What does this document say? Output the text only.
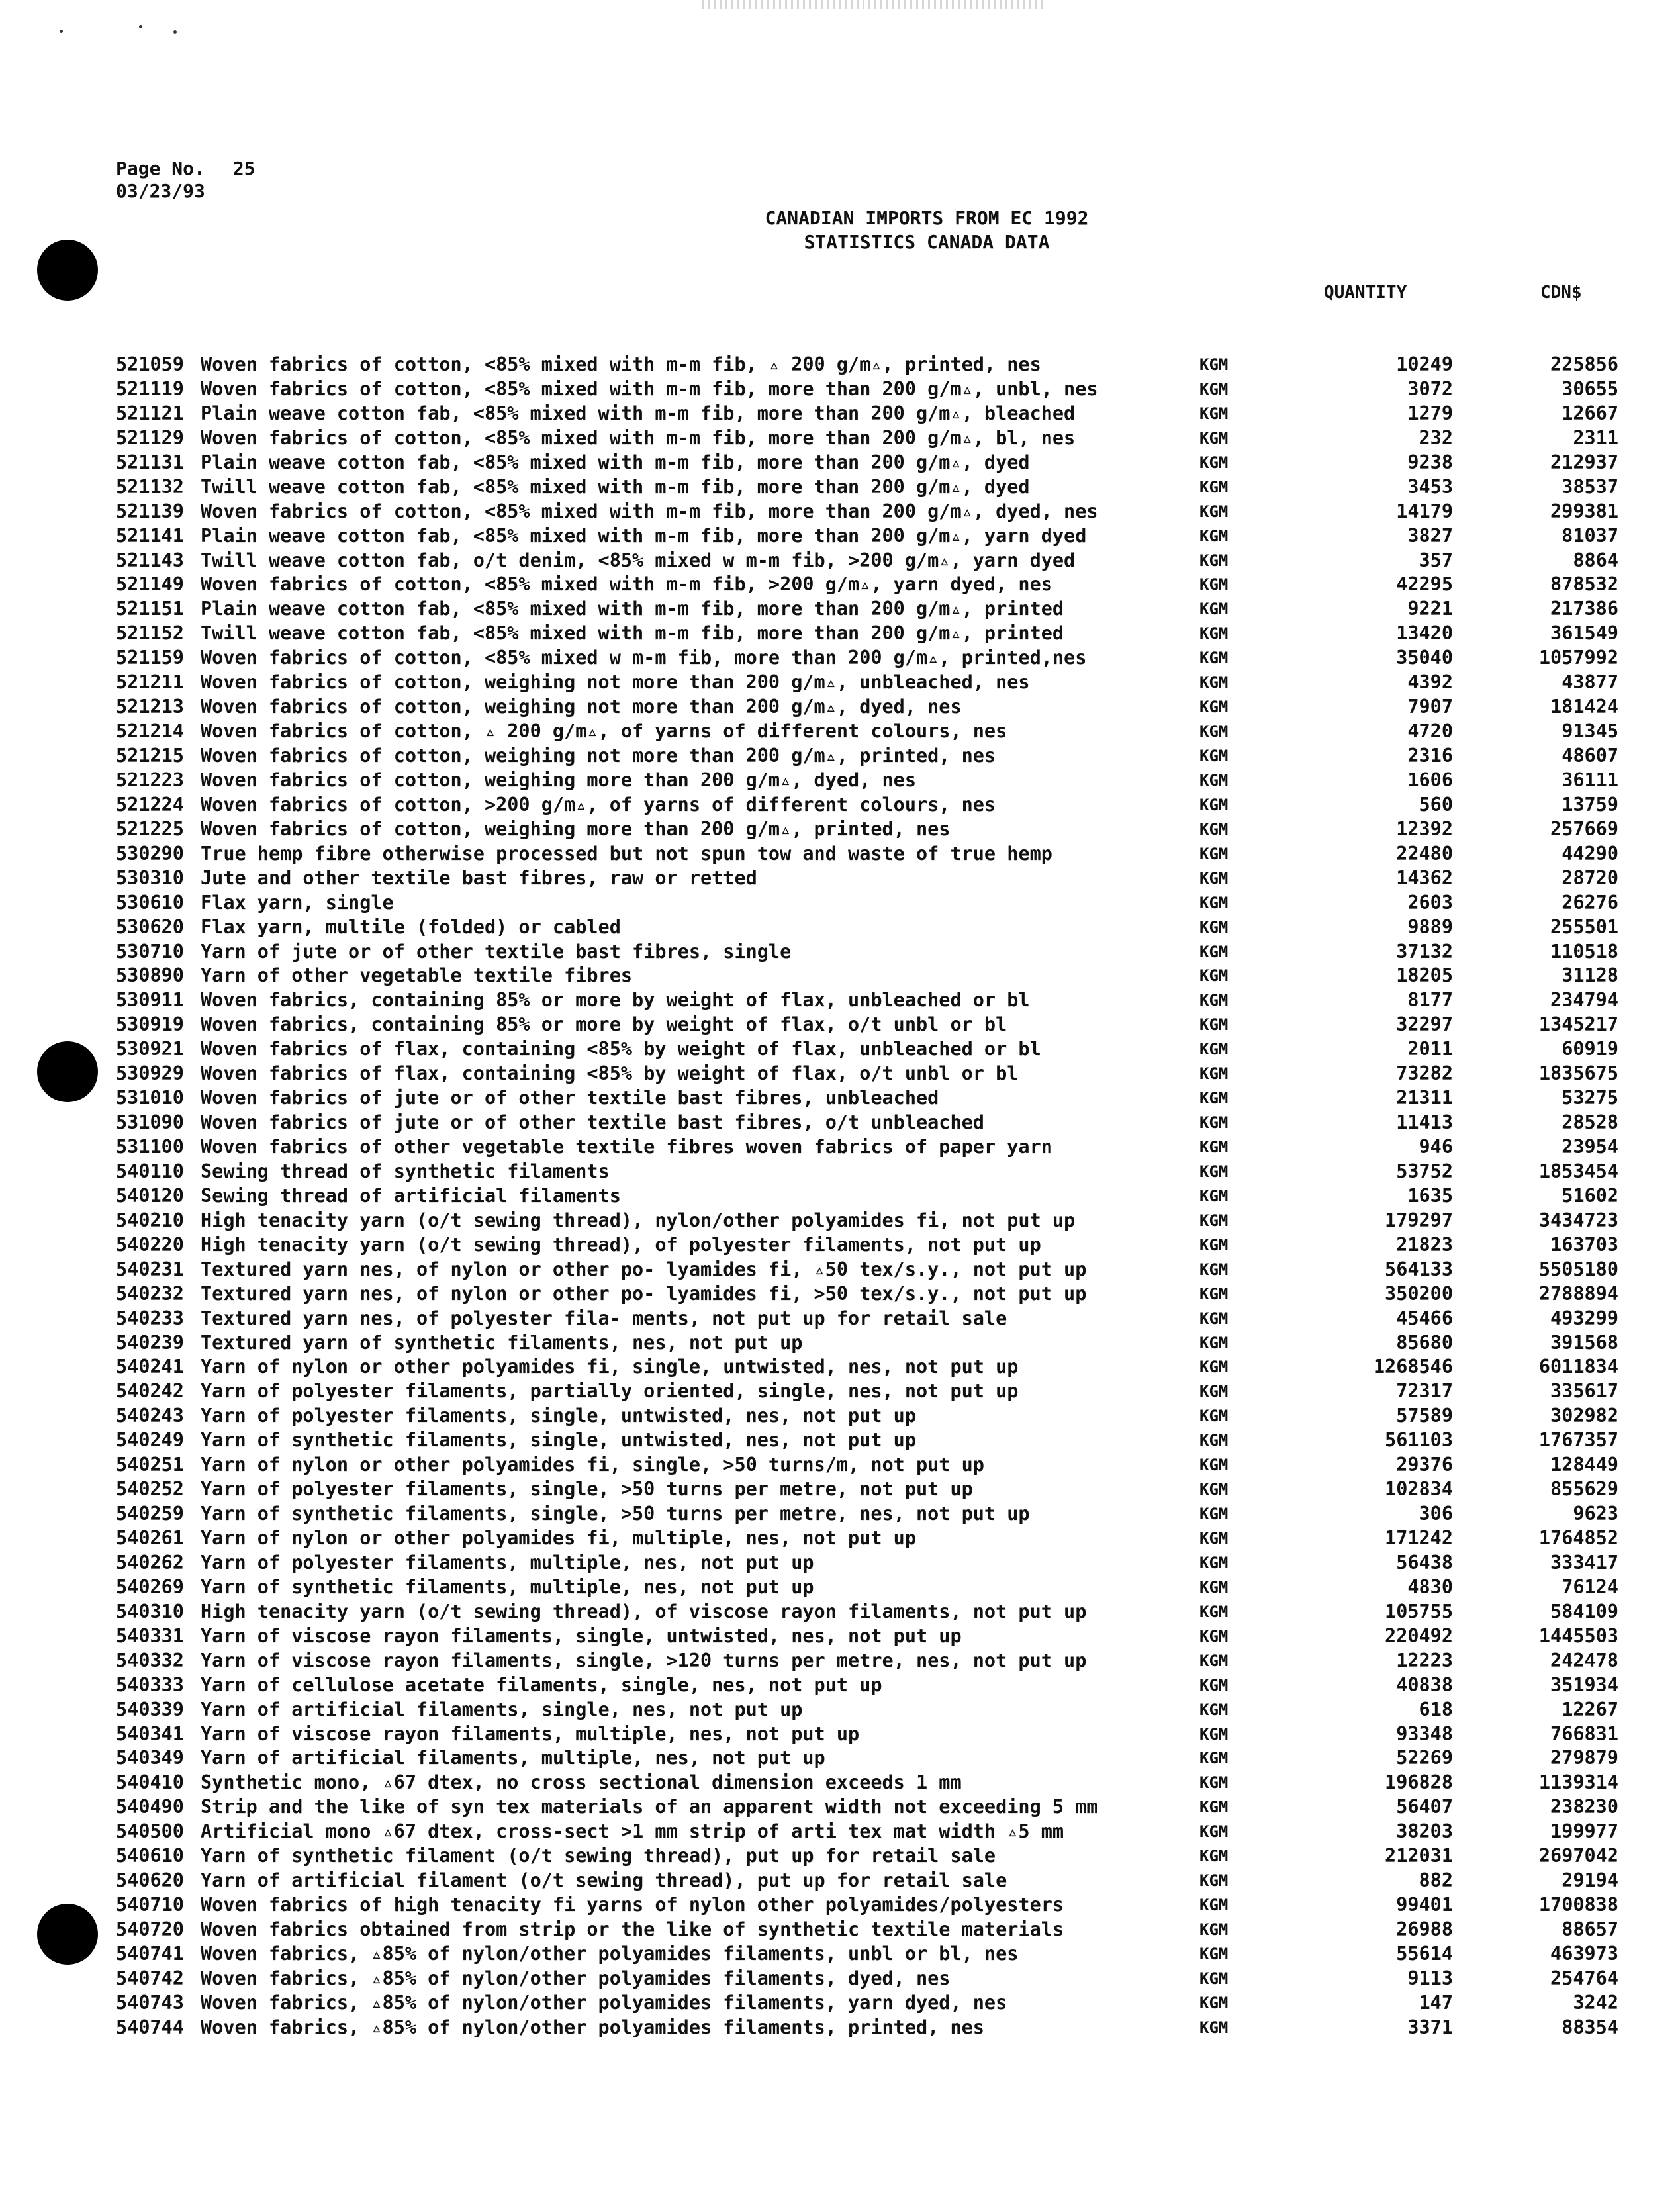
Page No. 25
03/23/93
CANADIAN IMPORTS FROM EC 1992
STATISTICS CANADA DATA
QUANTITY	CDN$
521059 Woven fabrics of cotton, <85% mixed with m-m fib, ▵ 200 g/m▵, printed, nes	KGM	10249	225856
521119 Woven fabrics of cotton, <85% mixed with m-m fib, more than 200 g/m▵, unbl, nes	KGM	3072	30655
521121 Plain weave cotton fab, <85% mixed with m-m fib, more than 200 g/m▵, bleached	KGM	1279	12667
521129 Woven fabrics of cotton, <85% mixed with m-m fib, more than 200 g/m▵, bl, nes	KGM	232	2311
521131 Plain weave cotton fab, <85% mixed with m-m fib, more than 200 g/m▵, dyed	KGM	9238	212937
521132 Twill weave cotton fab, <85% mixed with m-m fib, more than 200 g/m▵, dyed	KGM	3453	38537
521139 Woven fabrics of cotton, <85% mixed with m-m fib, more than 200 g/m▵, dyed, nes	KGM	14179	299381
521141 Plain weave cotton fab, <85% mixed with m-m fib, more than 200 g/m▵, yarn dyed	KGM	3827	81037
521143 Twill weave cotton fab, o/t denim, <85% mixed w m-m fib, >200 g/m▵, yarn dyed	KGM	357	8864
521149 Woven fabrics of cotton, <85% mixed with m-m fib, >200 g/m▵, yarn dyed, nes	KGM	42295	878532
521151 Plain weave cotton fab, <85% mixed with m-m fib, more than 200 g/m▵, printed	KGM	9221	217386
521152 Twill weave cotton fab, <85% mixed with m-m fib, more than 200 g/m▵, printed	KGM	13420	361549
521159 Woven fabrics of cotton, <85% mixed w m-m fib, more than 200 g/m▵, printed,nes	KGM	35040	1057992
521211 Woven fabrics of cotton, weighing not more than 200 g/m▵, unbleached, nes	KGM	4392	43877
521213 Woven fabrics of cotton, weighing not more than 200 g/m▵, dyed, nes	KGM	7907	181424
521214 Woven fabrics of cotton, ▵ 200 g/m▵, of yarns of different colours, nes	KGM	4720	91345
521215 Woven fabrics of cotton, weighing not more than 200 g/m▵, printed, nes	KGM	2316	48607
521223 Woven fabrics of cotton, weighing more than 200 g/m▵, dyed, nes	KGM	1606	36111
521224 Woven fabrics of cotton, >200 g/m▵, of yarns of different colours, nes	KGM	560	13759
521225 Woven fabrics of cotton, weighing more than 200 g/m▵, printed, nes	KGM	12392	257669
530290 True hemp fibre otherwise processed but not spun tow and waste of true hemp	KGM	22480	44290
530310 Jute and other textile bast fibres, raw or retted	KGM	14362	28720
530610 Flax yarn, single	KGM	2603	26276
530620 Flax yarn, multile (folded) or cabled	KGM	9889	255501
530710 Yarn of jute or of other textile bast fibres, single	KGM	37132	110518
530890 Yarn of other vegetable textile fibres	KGM	18205	31128
530911 Woven fabrics, containing 85% or more by weight of flax, unbleached or bl	KGM	8177	234794
530919 Woven fabrics, containing 85% or more by weight of flax, o/t unbl or bl	KGM	32297	1345217
530921 Woven fabrics of flax, containing <85% by weight of flax, unbleached or bl	KGM	2011	60919
530929 Woven fabrics of flax, containing <85% by weight of flax, o/t unbl or bl	KGM	73282	1835675
531010 Woven fabrics of jute or of other textile bast fibres, unbleached	KGM	21311	53275
531090 Woven fabrics of jute or of other textile bast fibres, o/t unbleached	KGM	11413	28528
531100 Woven fabrics of other vegetable textile fibres woven fabrics of paper yarn	KGM	946	23954
540110 Sewing thread of synthetic filaments	KGM	53752	1853454
540120 Sewing thread of artificial filaments	KGM	1635	51602
540210 High tenacity yarn (o/t sewing thread), nylon/other polyamides fi, not put up	KGM	179297	3434723
540220 High tenacity yarn (o/t sewing thread), of polyester filaments, not put up	KGM	21823	163703
540231 Textured yarn nes, of nylon or other po- lyamides fi, ▵50 tex/s.y., not put up	KGM	564133	5505180
540232 Textured yarn nes, of nylon or other po- lyamides fi, >50 tex/s.y., not put up	KGM	350200	2788894
540233 Textured yarn nes, of polyester fila- ments, not put up for retail sale	KGM	45466	493299
540239 Textured yarn of synthetic filaments, nes, not put up	KGM	85680	391568
540241 Yarn of nylon or other polyamides fi, single, untwisted, nes, not put up	KGM	1268546	6011834
540242 Yarn of polyester filaments, partially oriented, single, nes, not put up	KGM	72317	335617
540243 Yarn of polyester filaments, single, untwisted, nes, not put up	KGM	57589	302982
540249 Yarn of synthetic filaments, single, untwisted, nes, not put up	KGM	561103	1767357
540251 Yarn of nylon or other polyamides fi, single, >50 turns/m, not put up	KGM	29376	128449
540252 Yarn of polyester filaments, single, >50 turns per metre, not put up	KGM	102834	855629
540259 Yarn of synthetic filaments, single, >50 turns per metre, nes, not put up	KGM	306	9623
540261 Yarn of nylon or other polyamides fi, multiple, nes, not put up	KGM	171242	1764852
540262 Yarn of polyester filaments, multiple, nes, not put up	KGM	56438	333417
540269 Yarn of synthetic filaments, multiple, nes, not put up	KGM	4830	76124
540310 High tenacity yarn (o/t sewing thread), of viscose rayon filaments, not put up	KGM	105755	584109
540331 Yarn of viscose rayon filaments, single, untwisted, nes, not put up	KGM	220492	1445503
540332 Yarn of viscose rayon filaments, single, >120 turns per metre, nes, not put up	KGM	12223	242478
540333 Yarn of cellulose acetate filaments, single, nes, not put up	KGM	40838	351934
540339 Yarn of artificial filaments, single, nes, not put up	KGM	618	12267
540341 Yarn of viscose rayon filaments, multiple, nes, not put up	KGM	93348	766831
540349 Yarn of artificial filaments, multiple, nes, not put up	KGM	52269	279879
540410 Synthetic mono, ▵67 dtex, no cross sectional dimension exceeds 1 mm	KGM	196828	1139314
540490 Strip and the like of syn tex materials of an apparent width not exceeding 5 mm	KGM	56407	238230
540500 Artificial mono ▵67 dtex, cross-sect >1 mm strip of arti tex mat width ▵5 mm	KGM	38203	199977
540610 Yarn of synthetic filament (o/t sewing thread), put up for retail sale	KGM	212031	2697042
540620 Yarn of artificial filament (o/t sewing thread), put up for retail sale	KGM	882	29194
540710 Woven fabrics of high tenacity fi yarns of nylon other polyamides/polyesters	KGM	99401	1700838
540720 Woven fabrics obtained from strip or the like of synthetic textile materials	KGM	26988	88657
540741 Woven fabrics, ▵85% of nylon/other polyamides filaments, unbl or bl, nes	KGM	55614	463973
540742 Woven fabrics, ▵85% of nylon/other polyamides filaments, dyed, nes	KGM	9113	254764
540743 Woven fabrics, ▵85% of nylon/other polyamides filaments, yarn dyed, nes	KGM	147	3242
540744 Woven fabrics, ▵85% of nylon/other polyamides filaments, printed, nes	KGM	3371	88354
